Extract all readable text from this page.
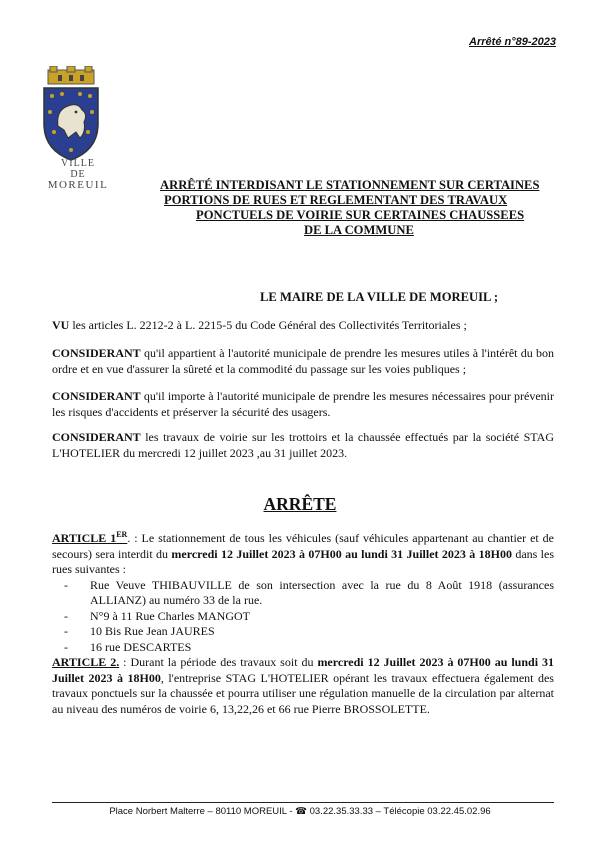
Arrêté n°89-2023
VILLE
DE
MOREUIL	ARRÊTÉ INTERDISANT LE STATIONNEMENT SUR CERTAINES
PORTIONS DE RUES ET REGLEMENTANT DES TRAVAUX
PONCTUELS DE VOIRIE SUR CERTAINES CHAUSSEES
DE LA COMMUNE
LE MAIRE DE LA VILLE DE MOREUIL ;
VU les articles L. 2212-2 à L. 2215-5 du Code Général des Collectivités Territoriales ;
CONSIDERANT qu'il appartient à l'autorité municipale de prendre les mesures utiles à l'intérêt du bon ordre et en vue d'assurer la sûreté et la commodité du passage sur les voies publiques ;
CONSIDERANT qu'il importe à l'autorité municipale de prendre les mesures nécessaires pour prévenir les risques d'accidents et préserver la sécurité des usagers.
CONSIDERANT les travaux de voirie sur les trottoirs et la chaussée effectués par la société STAG L'HOTELIER du mercredi 12 juillet 2023 ,au 31 juillet 2023.
ARRÊTE
ARTICLE 1ER. : Le stationnement de tous les véhicules (sauf véhicules appartenant au chantier et de secours) sera interdit du mercredi 12 Juillet 2023 à 07H00 au lundi 31 Juillet 2023 à 18H00 dans les rues suivantes :
- Rue Veuve THIBAUVILLE de son intersection avec la rue du 8 Août 1918 (assurances ALLIANZ) au numéro 33 de la rue.
- N°9 à 11 Rue Charles MANGOT
- 10 Bis Rue Jean JAURES
- 16 rue DESCARTES
ARTICLE 2. : Durant la période des travaux soit du mercredi 12 Juillet 2023 à 07H00 au lundi 31 Juillet 2023 à 18H00, l'entreprise STAG L'HOTELIER opérant les travaux effectuera également des travaux ponctuels sur la chaussée et pourra utiliser une régulation manuelle de la circulation par alternat au niveau des numéros de voirie 6, 13,22,26 et 66 rue Pierre BROSSOLETTE.
Place Norbert Malterre – 80110 MOREUIL - ☎ 03.22.35.33.33 – Télécopie 03.22.45.02.96
